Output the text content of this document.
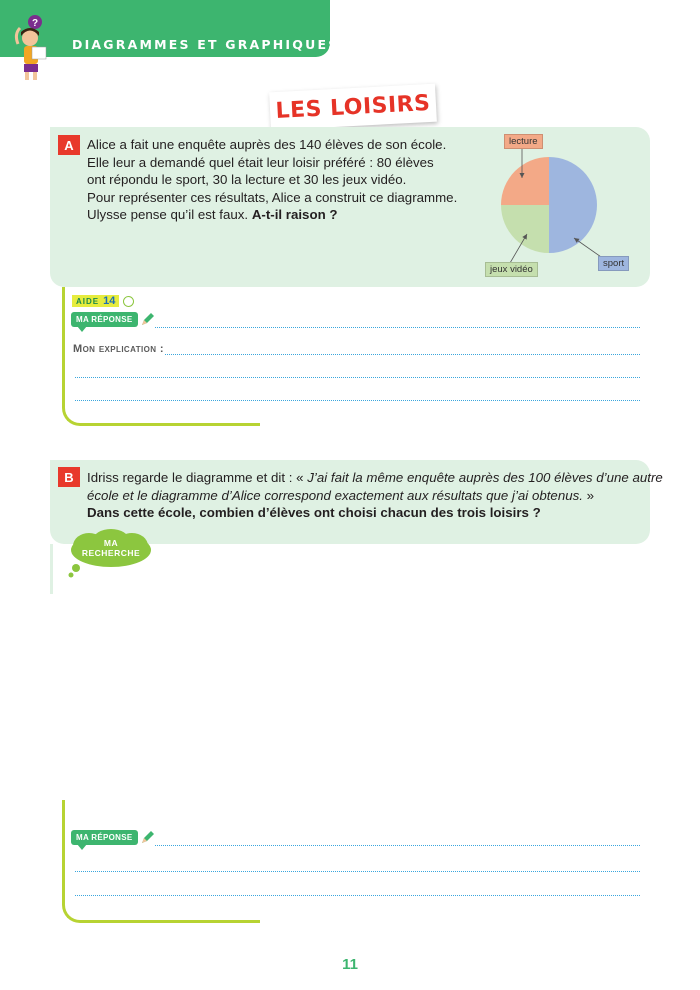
DIAGRAMMES ET GRAPHIQUES
?
LES LOISIRS
A	Alice a fait une enquête auprès des 140 élèves de son école.
Elle leur a demandé quel était leur loisir préféré : 80 élèves
ont répondu le sport, 30 la lecture et 30 les jeux vidéo.
Pour représenter ces résultats, Alice a construit ce diagramme.
Ulysse pense qu’il est faux. A-t-il raison ?
lecture
sport
jeux vidéo
AIDE 14
MA RÉPONSE
Mon explication :
B	Idriss regarde le diagramme et dit : « J’ai fait la même enquête auprès des 100 élèves d’une autre
école et le diagramme d’Alice correspond exactement aux résultats que j’ai obtenus. »
Dans cette école, combien d’élèves ont choisi chacun des trois loisirs ?
MA
RECHERCHE
MA RÉPONSE
11
